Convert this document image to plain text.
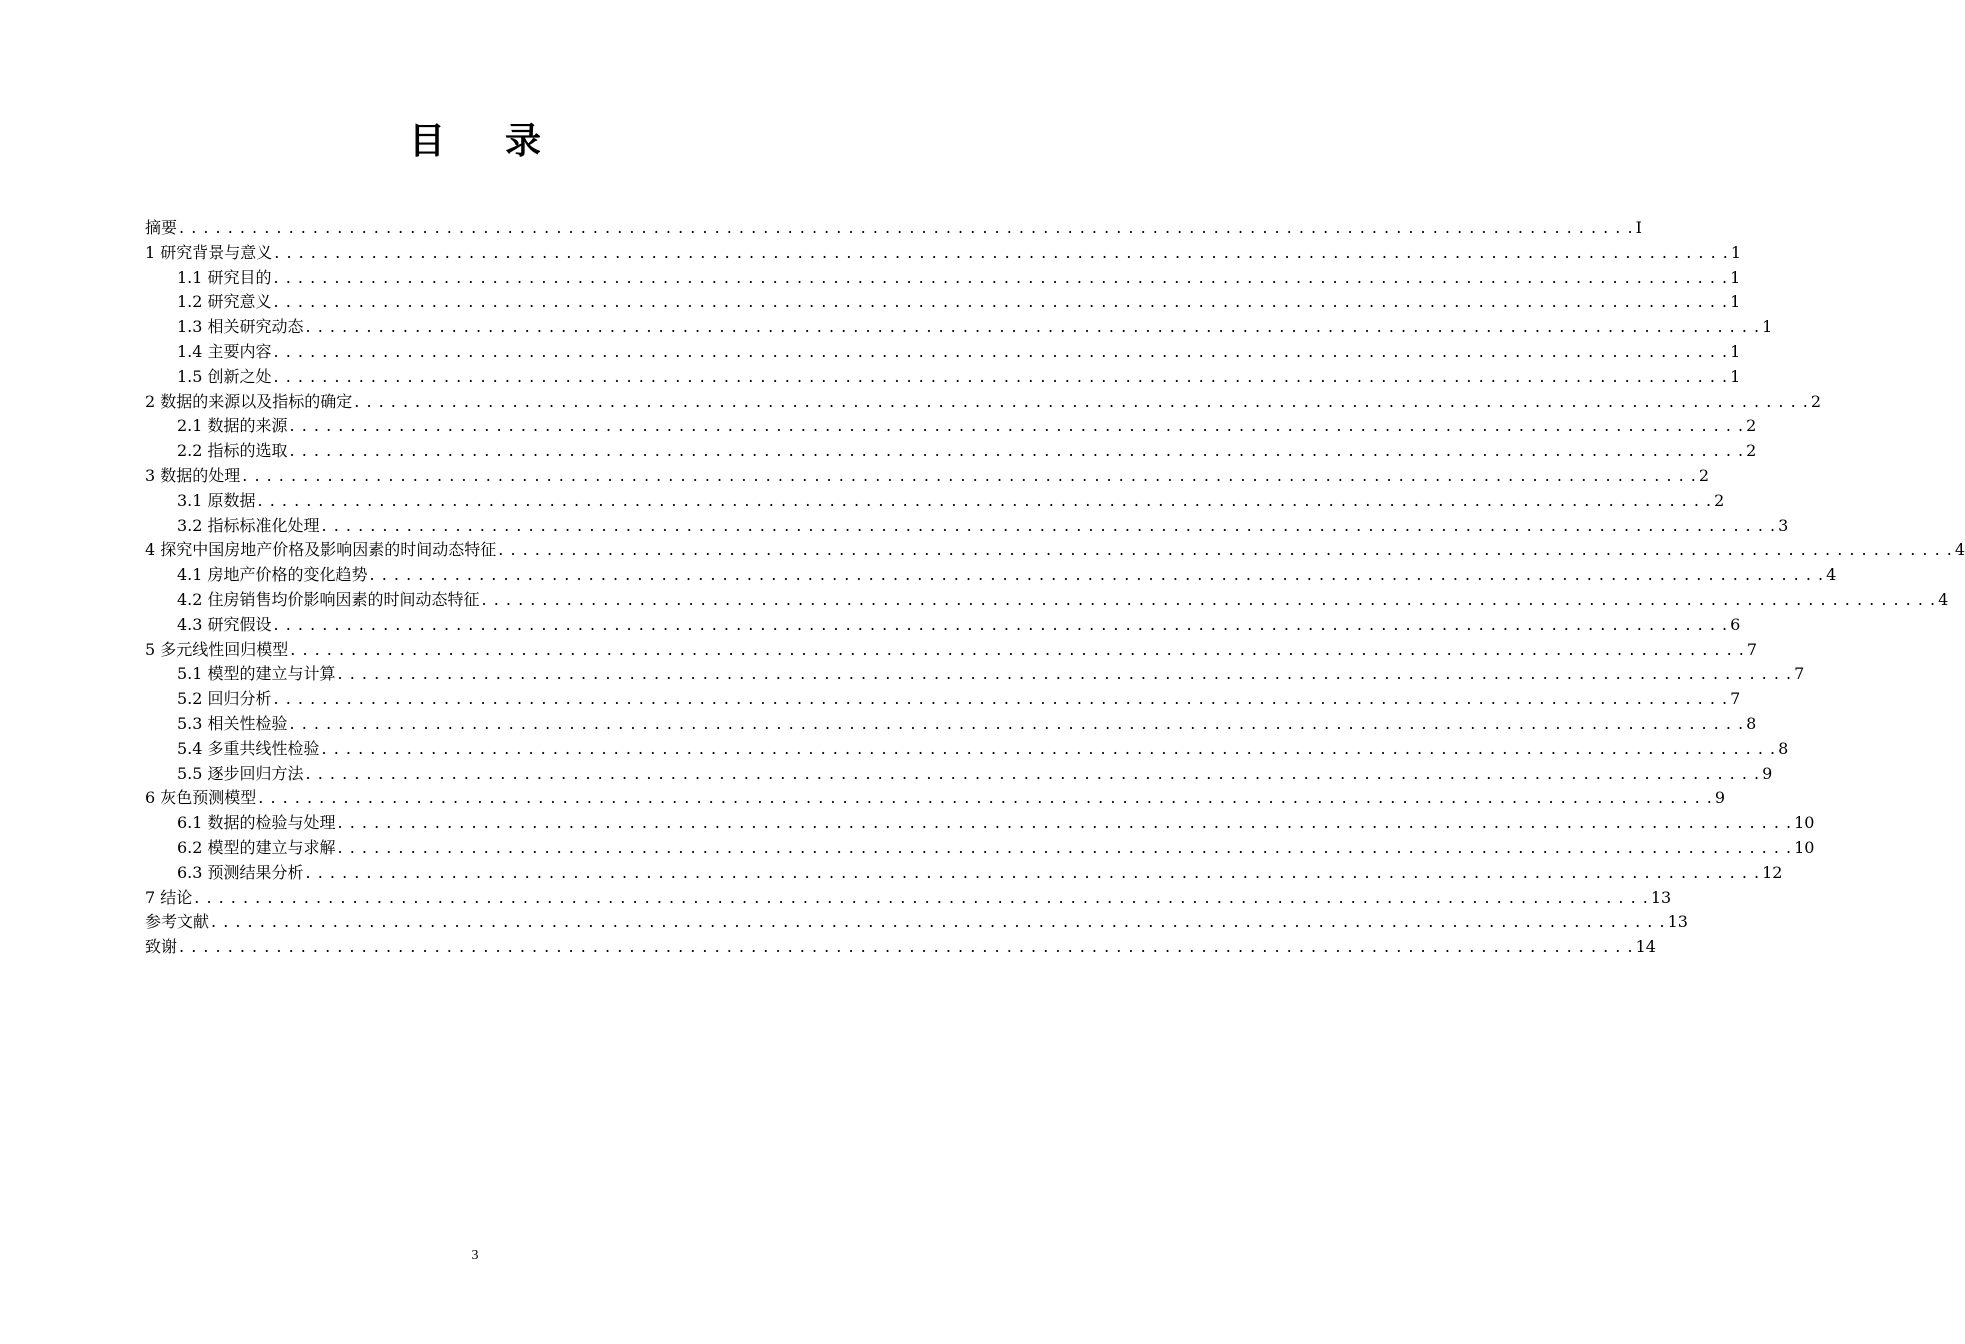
目录
摘要 . . . . . . . . . . . . . . . . . . . . . . . . . . . . . . . . . . . . . . . . . . . . . . . . . . . . . . . . . . . . . . . . . . . . . . . . . . . . . . . . . . . . . . . . . . . . . . . . . . . . . . . . . . . . . . . . . . . . . . . . I
1 研究背景与意义 . . . . . . . . . . . . . . . . . . . . . . . . . . . . . . . . . . . . . . . . . . . . . . . . . . . . . . . . . . . . . . . . . . . . . . . . . . . . . . . . . . . . . . . . . . . . . . . . . . . . . . . . . . . . . . . . . . . . . . . . 1
1.1 研究目的 . . . . . . . . . . . . . . . . . . . . . . . . . . . . . . . . . . . . . . . . . . . . . . . . . . . . . . . . . . . . . . . . . . . . . . . . . . . . . . . . . . . . . . . . . . . . . . . . . . . . . . . . . . . . . . . . . . . . . . . . 1
1.2 研究意义 . . . . . . . . . . . . . . . . . . . . . . . . . . . . . . . . . . . . . . . . . . . . . . . . . . . . . . . . . . . . . . . . . . . . . . . . . . . . . . . . . . . . . . . . . . . . . . . . . . . . . . . . . . . . . . . . . . . . . . . . 1
1.3 相关研究动态 . . . . . . . . . . . . . . . . . . . . . . . . . . . . . . . . . . . . . . . . . . . . . . . . . . . . . . . . . . . . . . . . . . . . . . . . . . . . . . . . . . . . . . . . . . . . . . . . . . . . . . . . . . . . . . . . . . . . . . . . 1
1.4 主要内容 . . . . . . . . . . . . . . . . . . . . . . . . . . . . . . . . . . . . . . . . . . . . . . . . . . . . . . . . . . . . . . . . . . . . . . . . . . . . . . . . . . . . . . . . . . . . . . . . . . . . . . . . . . . . . . . . . . . . . . . . 1
1.5 创新之处 . . . . . . . . . . . . . . . . . . . . . . . . . . . . . . . . . . . . . . . . . . . . . . . . . . . . . . . . . . . . . . . . . . . . . . . . . . . . . . . . . . . . . . . . . . . . . . . . . . . . . . . . . . . . . . . . . . . . . . . . 1
2 数据的来源以及指标的确定 . . . . . . . . . . . . . . . . . . . . . . . . . . . . . . . . . . . . . . . . . . . . . . . . . . . . . . . . . . . . . . . . . . . . . . . . . . . . . . . . . . . . . . . . . . . . . . . . . . . . . . . . . . . . . . . . . . . . . . . . 2
2.1 数据的来源 . . . . . . . . . . . . . . . . . . . . . . . . . . . . . . . . . . . . . . . . . . . . . . . . . . . . . . . . . . . . . . . . . . . . . . . . . . . . . . . . . . . . . . . . . . . . . . . . . . . . . . . . . . . . . . . . . . . . . . . . 2
2.2 指标的选取 . . . . . . . . . . . . . . . . . . . . . . . . . . . . . . . . . . . . . . . . . . . . . . . . . . . . . . . . . . . . . . . . . . . . . . . . . . . . . . . . . . . . . . . . . . . . . . . . . . . . . . . . . . . . . . . . . . . . . . . . 2
3 数据的处理 . . . . . . . . . . . . . . . . . . . . . . . . . . . . . . . . . . . . . . . . . . . . . . . . . . . . . . . . . . . . . . . . . . . . . . . . . . . . . . . . . . . . . . . . . . . . . . . . . . . . . . . . . . . . . . . . . . . . . . . . 2
3.1 原数据 . . . . . . . . . . . . . . . . . . . . . . . . . . . . . . . . . . . . . . . . . . . . . . . . . . . . . . . . . . . . . . . . . . . . . . . . . . . . . . . . . . . . . . . . . . . . . . . . . . . . . . . . . . . . . . . . . . . . . . . . 2
3.2 指标标准化处理 . . . . . . . . . . . . . . . . . . . . . . . . . . . . . . . . . . . . . . . . . . . . . . . . . . . . . . . . . . . . . . . . . . . . . . . . . . . . . . . . . . . . . . . . . . . . . . . . . . . . . . . . . . . . . . . . . . . . . . . . 3
4 探究中国房地产价格及影响因素的时间动态特征 . . . . . . . . . . . . . . . . . . . . . . . . . . . . . . . . . . . . . . . . . . . . . . . . . . . . . . . . . . . . . . . . . . . . . . . . . . . . . . . . . . . . . . . . . . . . . . . . . . . . . . . . . . . . . . . . . . . . . . . . 4
4.1 房地产价格的变化趋势 . . . . . . . . . . . . . . . . . . . . . . . . . . . . . . . . . . . . . . . . . . . . . . . . . . . . . . . . . . . . . . . . . . . . . . . . . . . . . . . . . . . . . . . . . . . . . . . . . . . . . . . . . . . . . . . . . . . . . . . . 4
4.2 住房销售均价影响因素的时间动态特征 . . . . . . . . . . . . . . . . . . . . . . . . . . . . . . . . . . . . . . . . . . . . . . . . . . . . . . . . . . . . . . . . . . . . . . . . . . . . . . . . . . . . . . . . . . . . . . . . . . . . . . . . . . . . . . . . . . . . . . . . 4
4.3 研究假设 . . . . . . . . . . . . . . . . . . . . . . . . . . . . . . . . . . . . . . . . . . . . . . . . . . . . . . . . . . . . . . . . . . . . . . . . . . . . . . . . . . . . . . . . . . . . . . . . . . . . . . . . . . . . . . . . . . . . . . . . 6
5 多元线性回归模型 . . . . . . . . . . . . . . . . . . . . . . . . . . . . . . . . . . . . . . . . . . . . . . . . . . . . . . . . . . . . . . . . . . . . . . . . . . . . . . . . . . . . . . . . . . . . . . . . . . . . . . . . . . . . . . . . . . . . . . . . 7
5.1 模型的建立与计算 . . . . . . . . . . . . . . . . . . . . . . . . . . . . . . . . . . . . . . . . . . . . . . . . . . . . . . . . . . . . . . . . . . . . . . . . . . . . . . . . . . . . . . . . . . . . . . . . . . . . . . . . . . . . . . . . . . . . . . . . 7
5.2 回归分析 . . . . . . . . . . . . . . . . . . . . . . . . . . . . . . . . . . . . . . . . . . . . . . . . . . . . . . . . . . . . . . . . . . . . . . . . . . . . . . . . . . . . . . . . . . . . . . . . . . . . . . . . . . . . . . . . . . . . . . . . 7
5.3 相关性检验 . . . . . . . . . . . . . . . . . . . . . . . . . . . . . . . . . . . . . . . . . . . . . . . . . . . . . . . . . . . . . . . . . . . . . . . . . . . . . . . . . . . . . . . . . . . . . . . . . . . . . . . . . . . . . . . . . . . . . . . . 8
5.4 多重共线性检验 . . . . . . . . . . . . . . . . . . . . . . . . . . . . . . . . . . . . . . . . . . . . . . . . . . . . . . . . . . . . . . . . . . . . . . . . . . . . . . . . . . . . . . . . . . . . . . . . . . . . . . . . . . . . . . . . . . . . . . . . 8
5.5 逐步回归方法 . . . . . . . . . . . . . . . . . . . . . . . . . . . . . . . . . . . . . . . . . . . . . . . . . . . . . . . . . . . . . . . . . . . . . . . . . . . . . . . . . . . . . . . . . . . . . . . . . . . . . . . . . . . . . . . . . . . . . . . . 9
6 灰色预测模型 . . . . . . . . . . . . . . . . . . . . . . . . . . . . . . . . . . . . . . . . . . . . . . . . . . . . . . . . . . . . . . . . . . . . . . . . . . . . . . . . . . . . . . . . . . . . . . . . . . . . . . . . . . . . . . . . . . . . . . . . 9
6.1 数据的检验与处理 . . . . . . . . . . . . . . . . . . . . . . . . . . . . . . . . . . . . . . . . . . . . . . . . . . . . . . . . . . . . . . . . . . . . . . . . . . . . . . . . . . . . . . . . . . . . . . . . . . . . . . . . . . . . . . . . . . . . . . . . 10
6.2 模型的建立与求解 . . . . . . . . . . . . . . . . . . . . . . . . . . . . . . . . . . . . . . . . . . . . . . . . . . . . . . . . . . . . . . . . . . . . . . . . . . . . . . . . . . . . . . . . . . . . . . . . . . . . . . . . . . . . . . . . . . . . . . . . 10
6.3 预测结果分析 . . . . . . . . . . . . . . . . . . . . . . . . . . . . . . . . . . . . . . . . . . . . . . . . . . . . . . . . . . . . . . . . . . . . . . . . . . . . . . . . . . . . . . . . . . . . . . . . . . . . . . . . . . . . . . . . . . . . . . . . 12
7 结论 . . . . . . . . . . . . . . . . . . . . . . . . . . . . . . . . . . . . . . . . . . . . . . . . . . . . . . . . . . . . . . . . . . . . . . . . . . . . . . . . . . . . . . . . . . . . . . . . . . . . . . . . . . . . . . . . . . . . . . . . 13
参考文献 . . . . . . . . . . . . . . . . . . . . . . . . . . . . . . . . . . . . . . . . . . . . . . . . . . . . . . . . . . . . . . . . . . . . . . . . . . . . . . . . . . . . . . . . . . . . . . . . . . . . . . . . . . . . . . . . . . . . . . . . 13
致谢 . . . . . . . . . . . . . . . . . . . . . . . . . . . . . . . . . . . . . . . . . . . . . . . . . . . . . . . . . . . . . . . . . . . . . . . . . . . . . . . . . . . . . . . . . . . . . . . . . . . . . . . . . . . . . . . . . . . . . . . . 14
3
